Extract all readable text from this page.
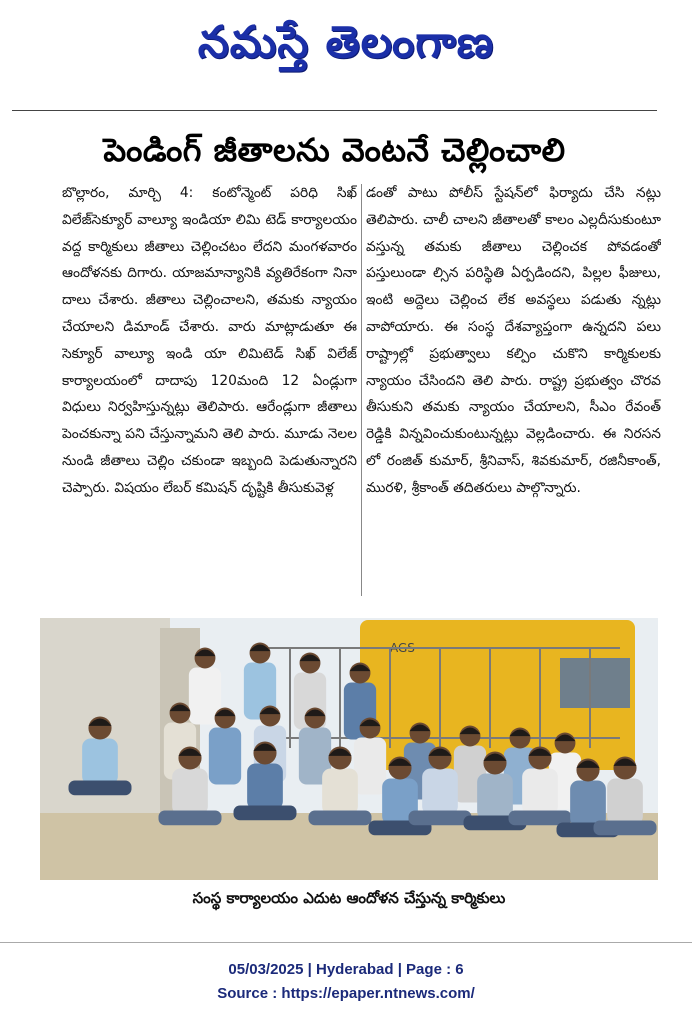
నమస్తే తెలంగాణ
పెండింగ్ జీతాలను వెంటనే చెల్లించాలి
బొల్లారం, మార్చి 4: కంటోన్మెంట్ పరిధి సిఖ్ విలేజ్‌సెక్యూర్ వాల్యూ ఇండియా లిమి టెడ్ కార్యాలయం వద్ద కార్మికులు జీతాలు చెల్లించటం లేదని మంగళవారం ఆందోళనకు దిగారు. యాజమాన్యానికి వ్యతిరేకంగా నినా దాలు చేశారు. జీతాలు చెల్లించాలని, తమకు న్యాయం చేయాలని డిమాండ్ చేశారు. వారు మాట్లాడుతూ ఈ సెక్యూర్ వాల్యూ ఇండి యా లిమిటెడ్ సిఖ్ విలేజ్ కార్యాలయంలో దాదాపు 120మంది 12 ఏండ్లుగా విధులు నిర్వహిస్తున్నట్లు తెలిపారు. ఆరేండ్లుగా జీతాలు పెంచకున్నా పని చేస్తున్నామని తెలి పారు. మూడు నెలల నుండి జీతాలు చెల్లిం చకుండా ఇబ్బంది పెడుతున్నారని చెప్పారు. విషయం లేబర్ కమిషన్ దృష్టికి తీసుకువెళ్ల
డంతో పాటు పోలీస్ స్టేషన్‌లో ఫిర్యాదు చేసి నట్లు తెలిపారు. చాలీ చాలని జీతాలతో కాలం ఎల్లదీసుకుంటూ వస్తున్న తమకు జీతాలు చెల్లించక పోవడంతో పస్తులుండా ల్సిన పరిస్థితి ఏర్పడిందని, పిల్లల ఫీజులు, ఇంటి అద్దెలు చెల్లించ లేక అవస్థలు పడుతు న్నట్లు వాపోయారు. ఈ సంస్థ దేశవ్యాప్తంగా ఉన్నదని పలు రాష్ట్రాల్లో ప్రభుత్వాలు కల్పిం చుకొని కార్మికులకు న్యాయం చేసిందని తెలి పారు. రాష్ట్ర ప్రభుత్వం చొరవ తీసుకుని తమకు న్యాయం చేయాలని, సీఎం రేవంత్ రెడ్డికి విన్నవించుకుంటున్నట్లు వెల్లడించారు. ఈ నిరసన లో రంజిత్ కుమార్, శ్రీనివాస్, శివకుమార్, రజినీకాంత్, మురళి, శ్రీకాంత్ తదితరులు పాల్గొన్నారు.
AGS
సంస్థ కార్యాలయం ఎదుట ఆందోళన చేస్తున్న కార్మికులు
05/03/2025 | Hyderabad | Page : 6
Source : https://epaper.ntnews.com/
